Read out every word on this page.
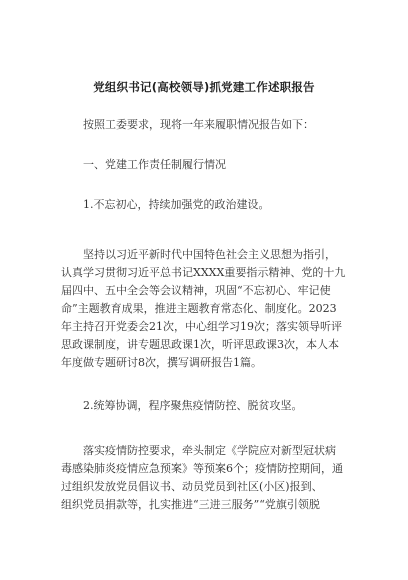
党组织书记(高校领导)抓党建工作述职报告
按照工委要求，现将一年来履职情况报告如下：
一、党建工作责任制履行情况
1.不忘初心，持续加强党的政治建设。
坚持以习近平新时代中国特色社会主义思想为指引，
认真学习贯彻习近平总书记XXXX重要指示精神、党的十九
届四中、五中全会等会议精神，巩固“不忘初心、牢记使
命”主题教育成果，推进主题教育常态化、制度化。2023
年主持召开党委会21次，中心组学习19次；落实领导听评
思政课制度，讲专题思政课1次，听评思政课3次，本人本
年度做专题研讨8次，撰写调研报告1篇。
2.统筹协调，程序聚焦疫情防控、脱贫攻坚。
落实疫情防控要求，牵头制定《学院应对新型冠状病
毒感染肺炎疫情应急预案》等预案6个；疫情防控期间，通
过组织发放党员倡议书、动员党员到社区(小区)报到、
组织党员捐款等，扎实推进“三进三服务”“党旗引领脱
